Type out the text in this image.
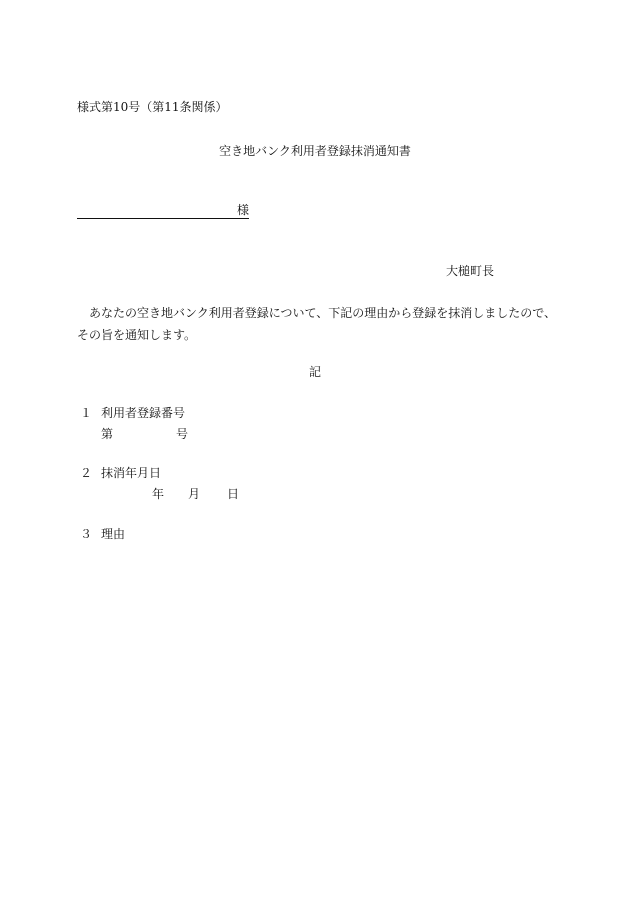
様式第10号（第11条関係）
空き地バンク利用者登録抹消通知書
様
大槌町長
あなたの空き地バンク利用者登録について、下記の理由から登録を抹消しましたので、その旨を通知します。
記
１ 利用者登録番号
第	号
２ 抹消年月日
年 月 日
３ 理由
